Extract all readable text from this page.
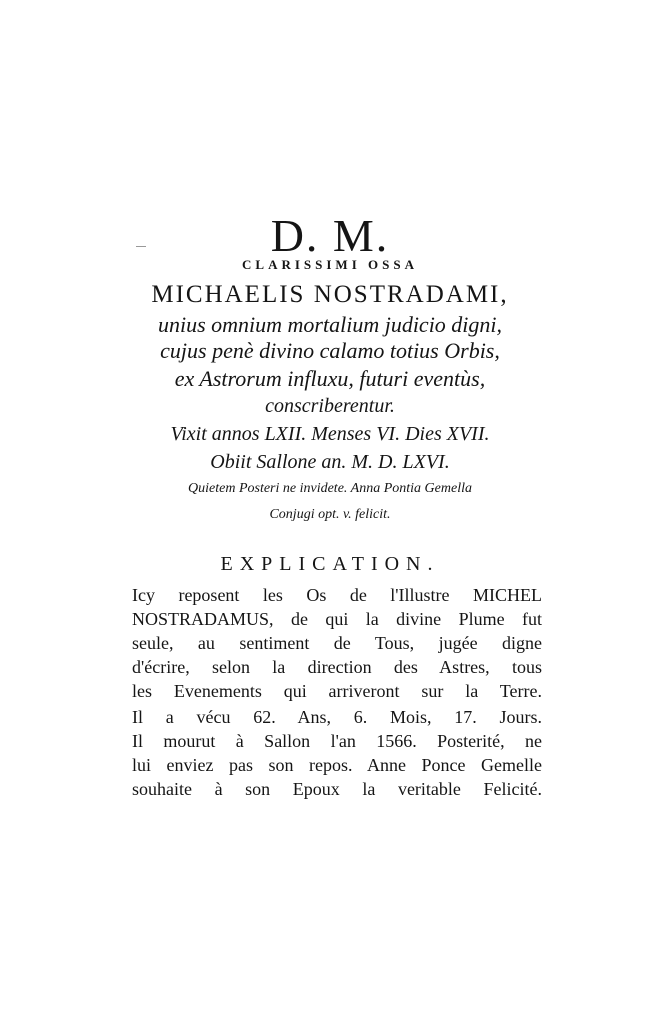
D. M.
CLARISSIMI OSSA
MICHAELIS NOSTRADAMI,
unius omnium mortalium judicio digni,
cujus penè divino calamo totius Orbis,
ex Astrorum influxu, futuri eventùs,
conscriberentur.
Vixit annos LXII. Menses VI. Dies XVII.
Obiit Sallone an. M. D. LXVI.
Quietem Posteri ne invidete. Anna Pontia Gemella
Conjugi opt. v. felicit.
EXPLICATION.
Icy reposent les Os de l'Illustre MICHEL
NOSTRADAMUS, de qui la divine Plume fut
seule, au sentiment de Tous, jugée digne
d'écrire, selon la direction des Astres, tous
les Evenements qui arriveront sur la Terre.
Il a vécu 62. Ans, 6. Mois, 17. Jours.
Il mourut à Sallon l'an 1566. Posterité, ne
lui enviez pas son repos. Anne Ponce Gemelle
souhaite à son Epoux la veritable Felicité.
